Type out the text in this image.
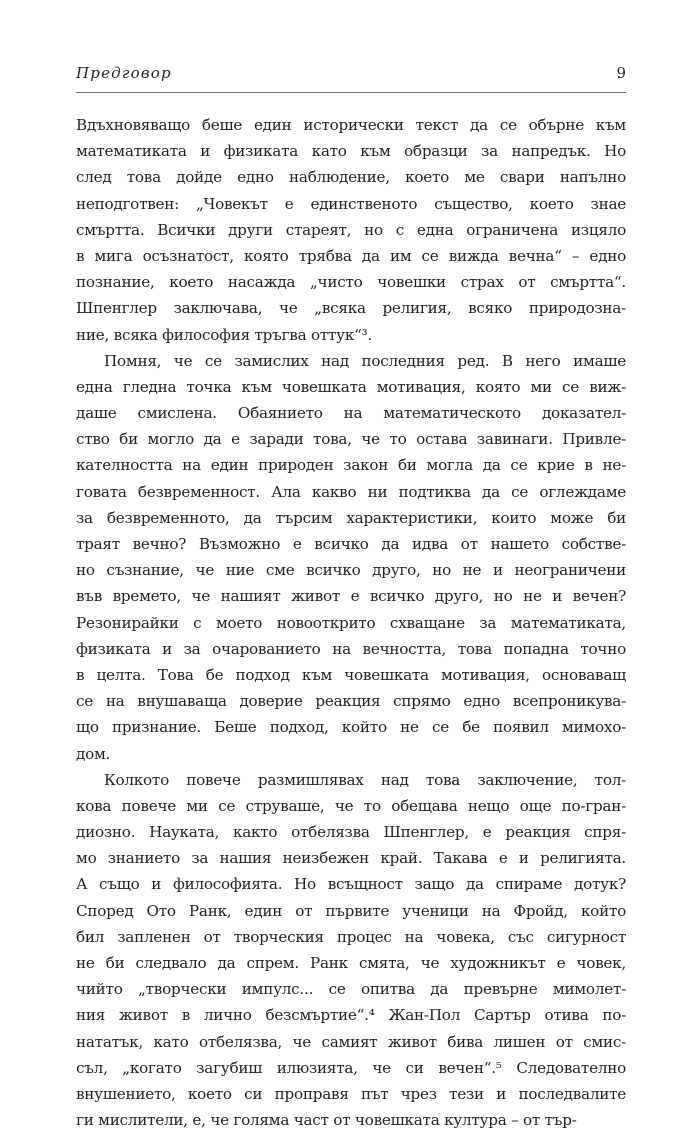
Предговор	9
Вдъхновяващо беше един исторически текст да се обърне към
математиката и физиката като към образци за напредък. Но
след това дойде едно наблюдение, което ме свари напълно
неподготвен: „Човекът е единственото същество, което знае
смъртта. Всички други стареят, но с една ограничена изцяло
в мига осъзнатост, която трябва да им се вижда вечна“ – едно
познание, което насажда „чисто човешки страх от смъртта“.
Шпенглер заключава, че „всяка религия, всяко природозна-
ние, всяка философия тръгва оттук“³.
Помня, че се замислих над последния ред. В него имаше
една гледна точка към човешката мотивация, която ми се виж-
даше смислена. Обаянието на математическото доказател-
ство би могло да е заради това, че то остава завинаги. Привле-
кателността на един природен закон би могла да се крие в не-
говата безвременност. Ала какво ни подтиква да се оглеждаме
за безвременното, да търсим характеристики, които може би
траят вечно? Възможно е всичко да идва от нашето собстве-
но съзнание, че ние сме всичко друго, но не и неограничени
във времето, че нашият живот е всичко друго, но не и вечен?
Резонирайки с моето новооткрито схващане за математиката,
физиката и за очарованието на вечността, това попадна точно
в целта. Това бе подход към човешката мотивация, основаващ
се на внушаваща доверие реакция спрямо едно всепроникува-
що признание. Беше подход, който не се бе появил мимохо-
дом.
Колкото повече размишлявах над това заключение, тол-
кова повече ми се струваше, че то обещава нещо още по-гран-
диозно. Науката, както отбелязва Шпенглер, е реакция спря-
мо знанието за нашия неизбежен край. Такава е и религията.
А също и философията. Но всъщност защо да спираме дотук?
Според Ото Ранк, един от първите ученици на Фройд, който
бил запленен от творческия процес на човека, със сигурност
не би следвало да спрем. Ранк смята, че художникът е човек,
чийто „творчески импулс... се опитва да превърне мимолет-
ния живот в лично безсмъртие“.⁴ Жан-Пол Сартър отива по-
нататък, като отбелязва, че самият живот бива лишен от смис-
съл, „когато загубиш илюзията, че си вечен“.⁵ Следователно
внушението, което си проправя път чрез тези и последвалите
ги мислители, е, че голяма част от човешката култура – от тър-
